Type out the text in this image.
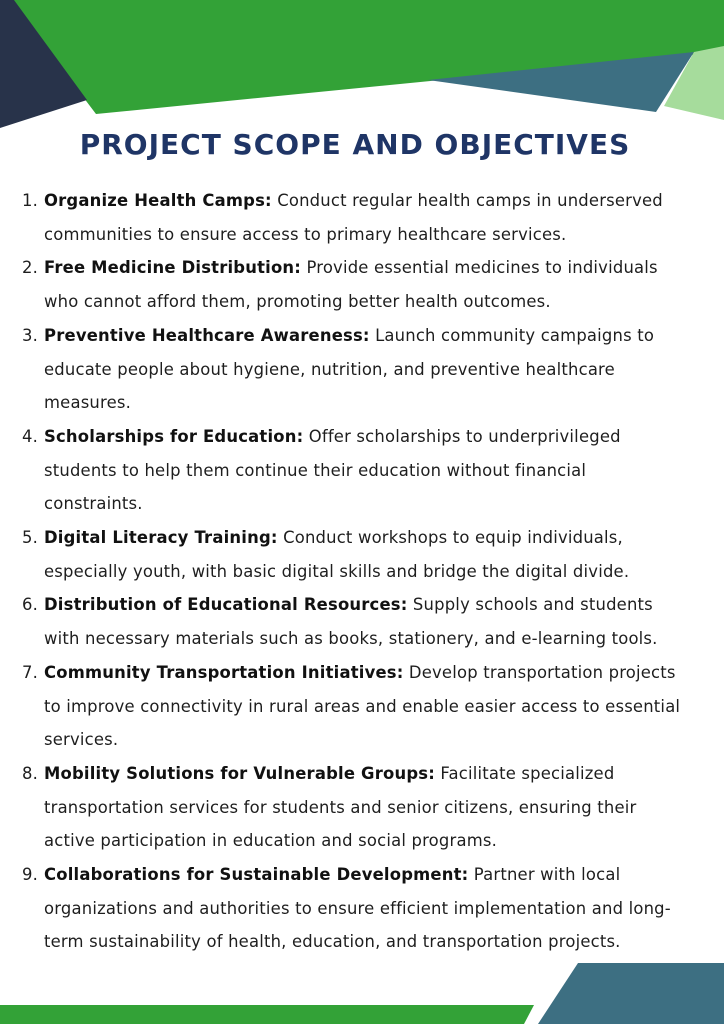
PROJECT SCOPE AND OBJECTIVES
1. Organize Health Camps: Conduct regular health camps in underserved communities to ensure access to primary healthcare services.
2. Free Medicine Distribution: Provide essential medicines to individuals who cannot afford them, promoting better health outcomes.
3. Preventive Healthcare Awareness: Launch community campaigns to educate people about hygiene, nutrition, and preventive healthcare measures.
4. Scholarships for Education: Offer scholarships to underprivileged students to help them continue their education without financial constraints.
5. Digital Literacy Training: Conduct workshops to equip individuals, especially youth, with basic digital skills and bridge the digital divide.
6. Distribution of Educational Resources: Supply schools and students with necessary materials such as books, stationery, and e-learning tools.
7. Community Transportation Initiatives: Develop transportation projects to improve connectivity in rural areas and enable easier access to essential services.
8. Mobility Solutions for Vulnerable Groups: Facilitate specialized transportation services for students and senior citizens, ensuring their active participation in education and social programs.
9. Collaborations for Sustainable Development: Partner with local organizations and authorities to ensure efficient implementation and long-term sustainability of health, education, and transportation projects.
